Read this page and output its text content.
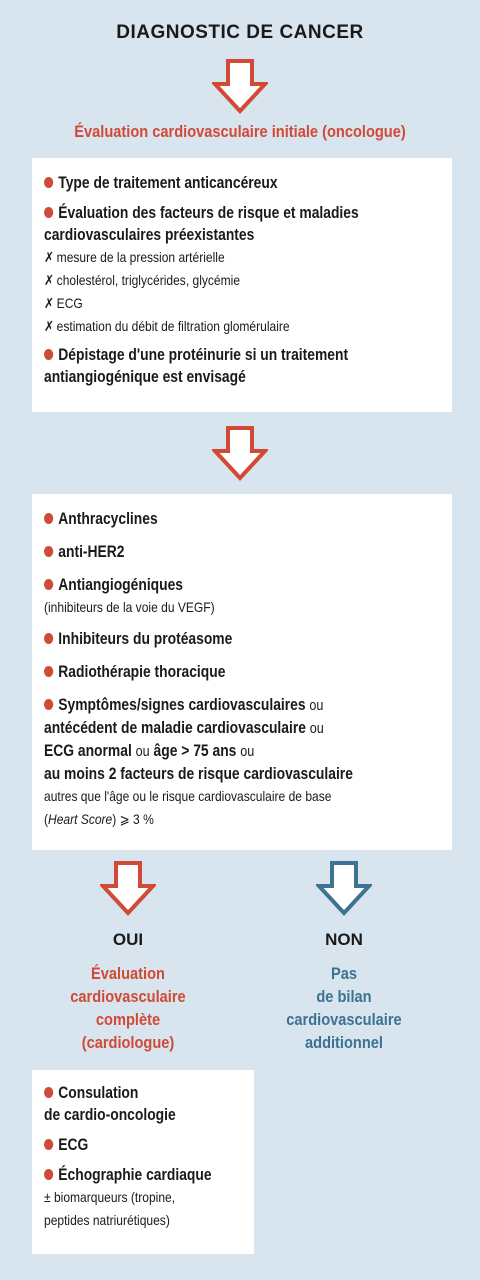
DIAGNOSTIC DE CANCER
Évaluation cardiovasculaire initiale (oncologue)
Type de traitement anticancéreux
Évaluation des facteurs de risque et maladies
cardiovasculaires préexistantes
✗ mesure de la pression artérielle
✗ cholestérol, triglycérides, glycémie
✗ ECG
✗ estimation du débit de filtration glomérulaire
Dépistage d'une protéinurie si un traitement
antiangiogénique est envisagé
Anthracyclines
anti-HER2
Antiangiogéniques
(inhibiteurs de la voie du VEGF)
Inhibiteurs du protéasome
Radiothérapie thoracique
Symptômes/signes cardiovasculaires ou
antécédent de maladie cardiovasculaire ou
ECG anormal ou âge > 75 ans ou
au moins 2 facteurs de risque cardiovasculaire
autres que l'âge ou le risque cardiovasculaire de base
(Heart Score) ⩾ 3 %
OUI	NON
Évaluation
cardiovasculaire
complète
(cardiologue)
Pas
de bilan
cardiovasculaire
additionnel
Consulation
de cardio-oncologie
ECG
Échographie cardiaque
± biomarqueurs (tropine,
peptides natriurétiques)
